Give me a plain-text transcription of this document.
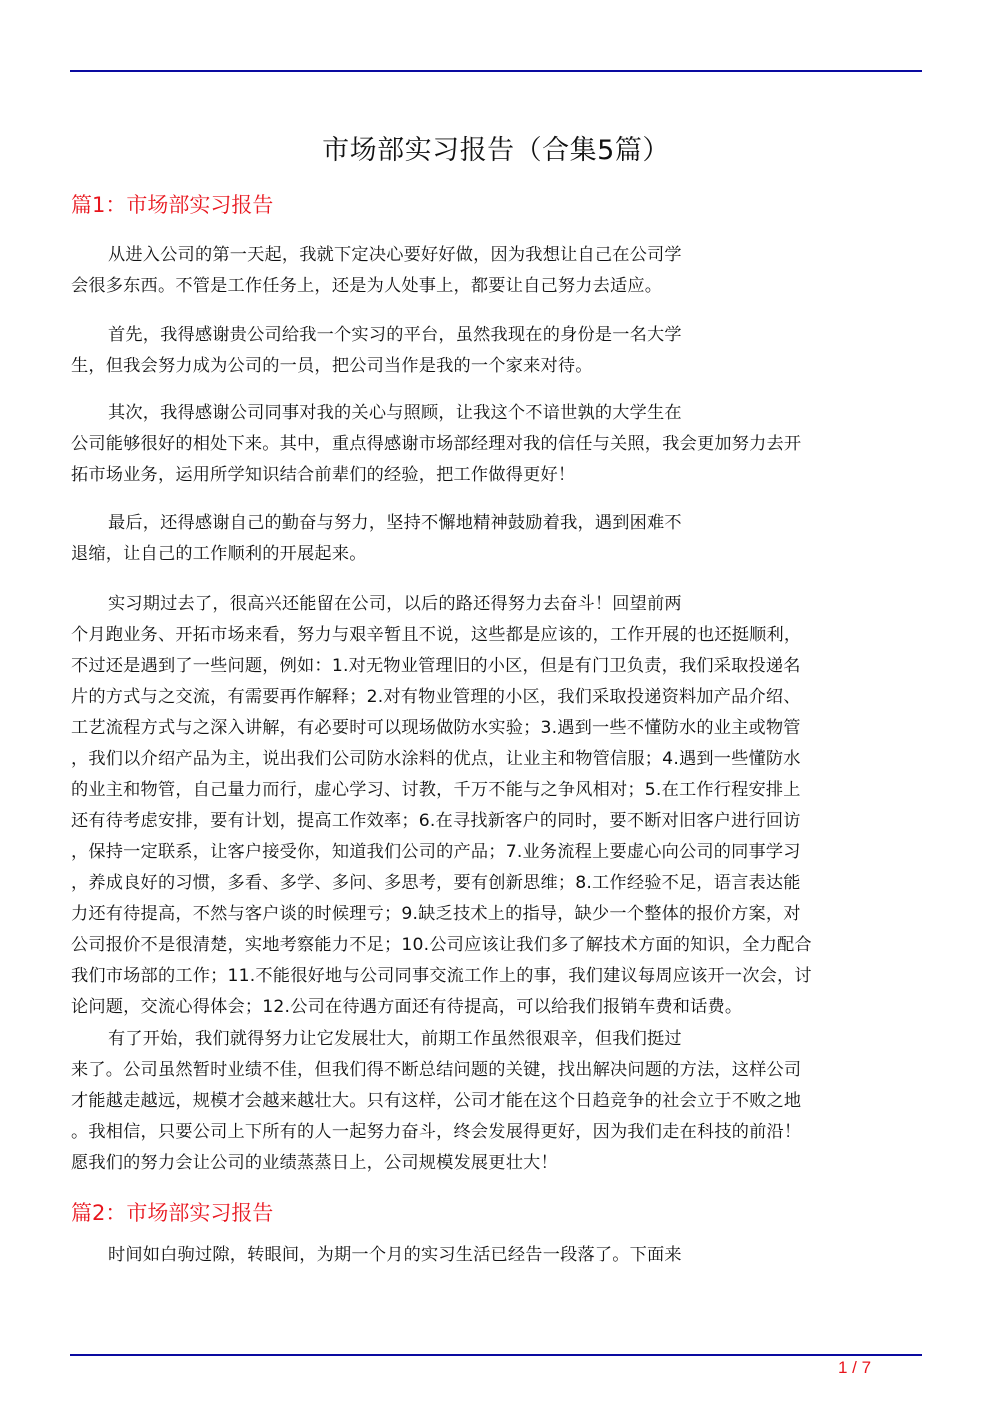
市场部实习报告（合集5篇）
篇1：市场部实习报告
从进入公司的第一天起，我就下定决心要好好做，因为我想让自己在公司学
会很多东西。不管是工作任务上，还是为人处事上，都要让自己努力去适应。
首先，我得感谢贵公司给我一个实习的平台，虽然我现在的身份是一名大学
生，但我会努力成为公司的一员，把公司当作是我的一个家来对待。
其次，我得感谢公司同事对我的关心与照顾，让我这个不谙世孰的大学生在
公司能够很好的相处下来。其中，重点得感谢市场部经理对我的信任与关照，我会更加努力去开
拓市场业务，运用所学知识结合前辈们的经验，把工作做得更好！
最后，还得感谢自己的勤奋与努力，坚持不懈地精神鼓励着我，遇到困难不
退缩，让自己的工作顺利的开展起来。
实习期过去了，很高兴还能留在公司，以后的路还得努力去奋斗！回望前两
个月跑业务、开拓市场来看，努力与艰辛暂且不说，这些都是应该的，工作开展的也还挺顺利，
不过还是遇到了一些问题，例如：1.对无物业管理旧的小区，但是有门卫负责，我们采取投递名
片的方式与之交流，有需要再作解释；2.对有物业管理的小区，我们采取投递资料加产品介绍、
工艺流程方式与之深入讲解，有必要时可以现场做防水实验；3.遇到一些不懂防水的业主或物管
，我们以介绍产品为主，说出我们公司防水涂料的优点，让业主和物管信服；4.遇到一些懂防水
的业主和物管，自己量力而行，虚心学习、讨教，千万不能与之争风相对；5.在工作行程安排上
还有待考虑安排，要有计划，提高工作效率；6.在寻找新客户的同时，要不断对旧客户进行回访
，保持一定联系，让客户接受你，知道我们公司的产品；7.业务流程上要虚心向公司的同事学习
，养成良好的习惯，多看、多学、多问、多思考，要有创新思维；8.工作经验不足，语言表达能
力还有待提高，不然与客户谈的时候理亏；9.缺乏技术上的指导，缺少一个整体的报价方案，对
公司报价不是很清楚，实地考察能力不足；10.公司应该让我们多了解技术方面的知识，全力配合
我们市场部的工作；11.不能很好地与公司同事交流工作上的事，我们建议每周应该开一次会，讨
论问题，交流心得体会；12.公司在待遇方面还有待提高，可以给我们报销车费和话费。
有了开始，我们就得努力让它发展壮大，前期工作虽然很艰辛，但我们挺过
来了。公司虽然暂时业绩不佳，但我们得不断总结问题的关键，找出解决问题的方法，这样公司
才能越走越远，规模才会越来越壮大。只有这样，公司才能在这个日趋竞争的社会立于不败之地
。我相信，只要公司上下所有的人一起努力奋斗，终会发展得更好，因为我们走在科技的前沿！
愿我们的努力会让公司的业绩蒸蒸日上，公司规模发展更壮大！
篇2：市场部实习报告
时间如白驹过隙，转眼间，为期一个月的实习生活已经告一段落了。下面来
1 / 7
